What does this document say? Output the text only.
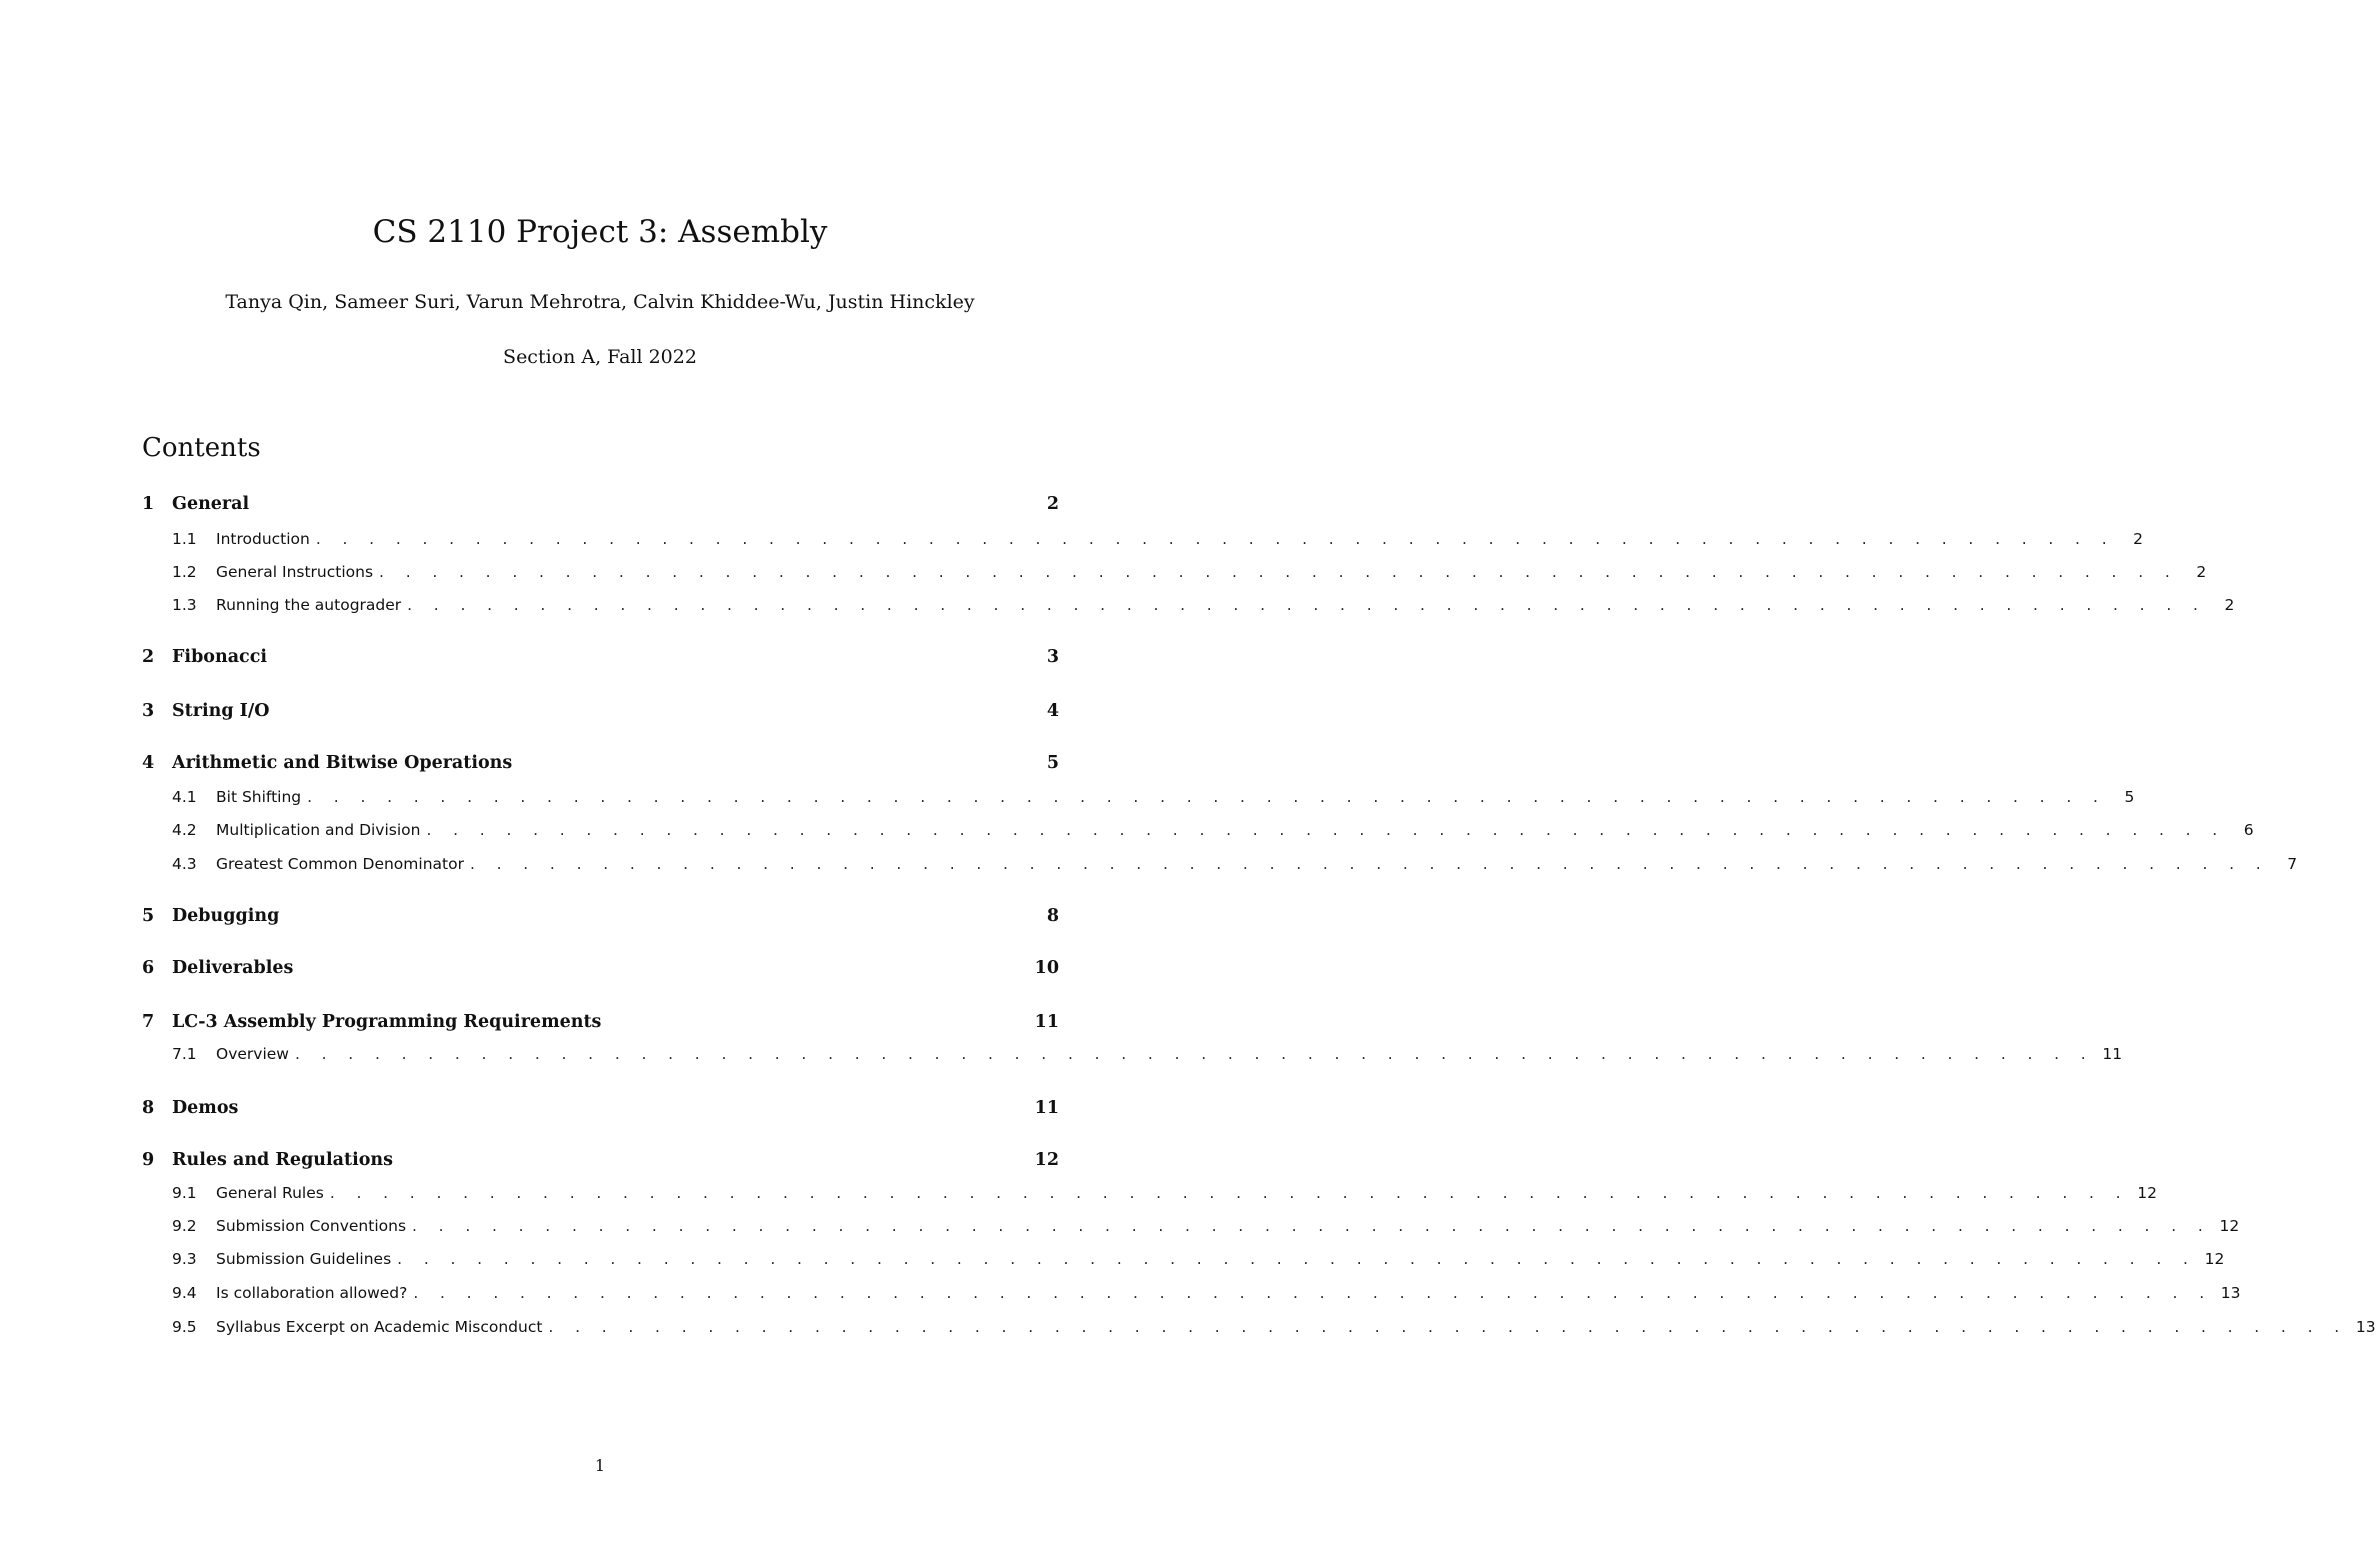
CS 2110 Project 3: Assembly
Tanya Qin, Sameer Suri, Varun Mehrotra, Calvin Khiddee-Wu, Justin Hinckley
Section A, Fall 2022
Contents
1	General	2
1.1	Introduction . . . . . . . . . . . . . . . . . . . . . . . . . . . . . . . . . . . . . . . . . . . . . . . . . . . . . . . . . . . . . . . . . . . .	2
1.2	General Instructions . . . . . . . . . . . . . . . . . . . . . . . . . . . . . . . . . . . . . . . . . . . . . . . . . . . . . . . . . . . . . . . . . . . .	2
1.3	Running the autograder . . . . . . . . . . . . . . . . . . . . . . . . . . . . . . . . . . . . . . . . . . . . . . . . . . . . . . . . . . . . . . . . . . . .	2
2	Fibonacci	3
3	String I/O	4
4	Arithmetic and Bitwise Operations	5
4.1	Bit Shifting . . . . . . . . . . . . . . . . . . . . . . . . . . . . . . . . . . . . . . . . . . . . . . . . . . . . . . . . . . . . . . . . . . . .	5
4.2	Multiplication and Division . . . . . . . . . . . . . . . . . . . . . . . . . . . . . . . . . . . . . . . . . . . . . . . . . . . . . . . . . . . . . . . . . . . .	6
4.3	Greatest Common Denominator . . . . . . . . . . . . . . . . . . . . . . . . . . . . . . . . . . . . . . . . . . . . . . . . . . . . . . . . . . . . . . . . . . . .	7
5	Debugging	8
6	Deliverables	10
7	LC-3 Assembly Programming Requirements	11
7.1	Overview . . . . . . . . . . . . . . . . . . . . . . . . . . . . . . . . . . . . . . . . . . . . . . . . . . . . . . . . . . . . . . . . . . . . 11
8	Demos	11
9	Rules and Regulations	12
9.1	General Rules . . . . . . . . . . . . . . . . . . . . . . . . . . . . . . . . . . . . . . . . . . . . . . . . . . . . . . . . . . . . . . . . . . . . 12
9.2	Submission Conventions . . . . . . . . . . . . . . . . . . . . . . . . . . . . . . . . . . . . . . . . . . . . . . . . . . . . . . . . . . . . . . . . . . . . 12
9.3	Submission Guidelines . . . . . . . . . . . . . . . . . . . . . . . . . . . . . . . . . . . . . . . . . . . . . . . . . . . . . . . . . . . . . . . . . . . . 12
9.4	Is collaboration allowed? . . . . . . . . . . . . . . . . . . . . . . . . . . . . . . . . . . . . . . . . . . . . . . . . . . . . . . . . . . . . . . . . . . . . 13
9.5	Syllabus Excerpt on Academic Misconduct . . . . . . . . . . . . . . . . . . . . . . . . . . . . . . . . . . . . . . . . . . . . . . . . . . . . . . . . . . . . . . . . . . . . 13
1
